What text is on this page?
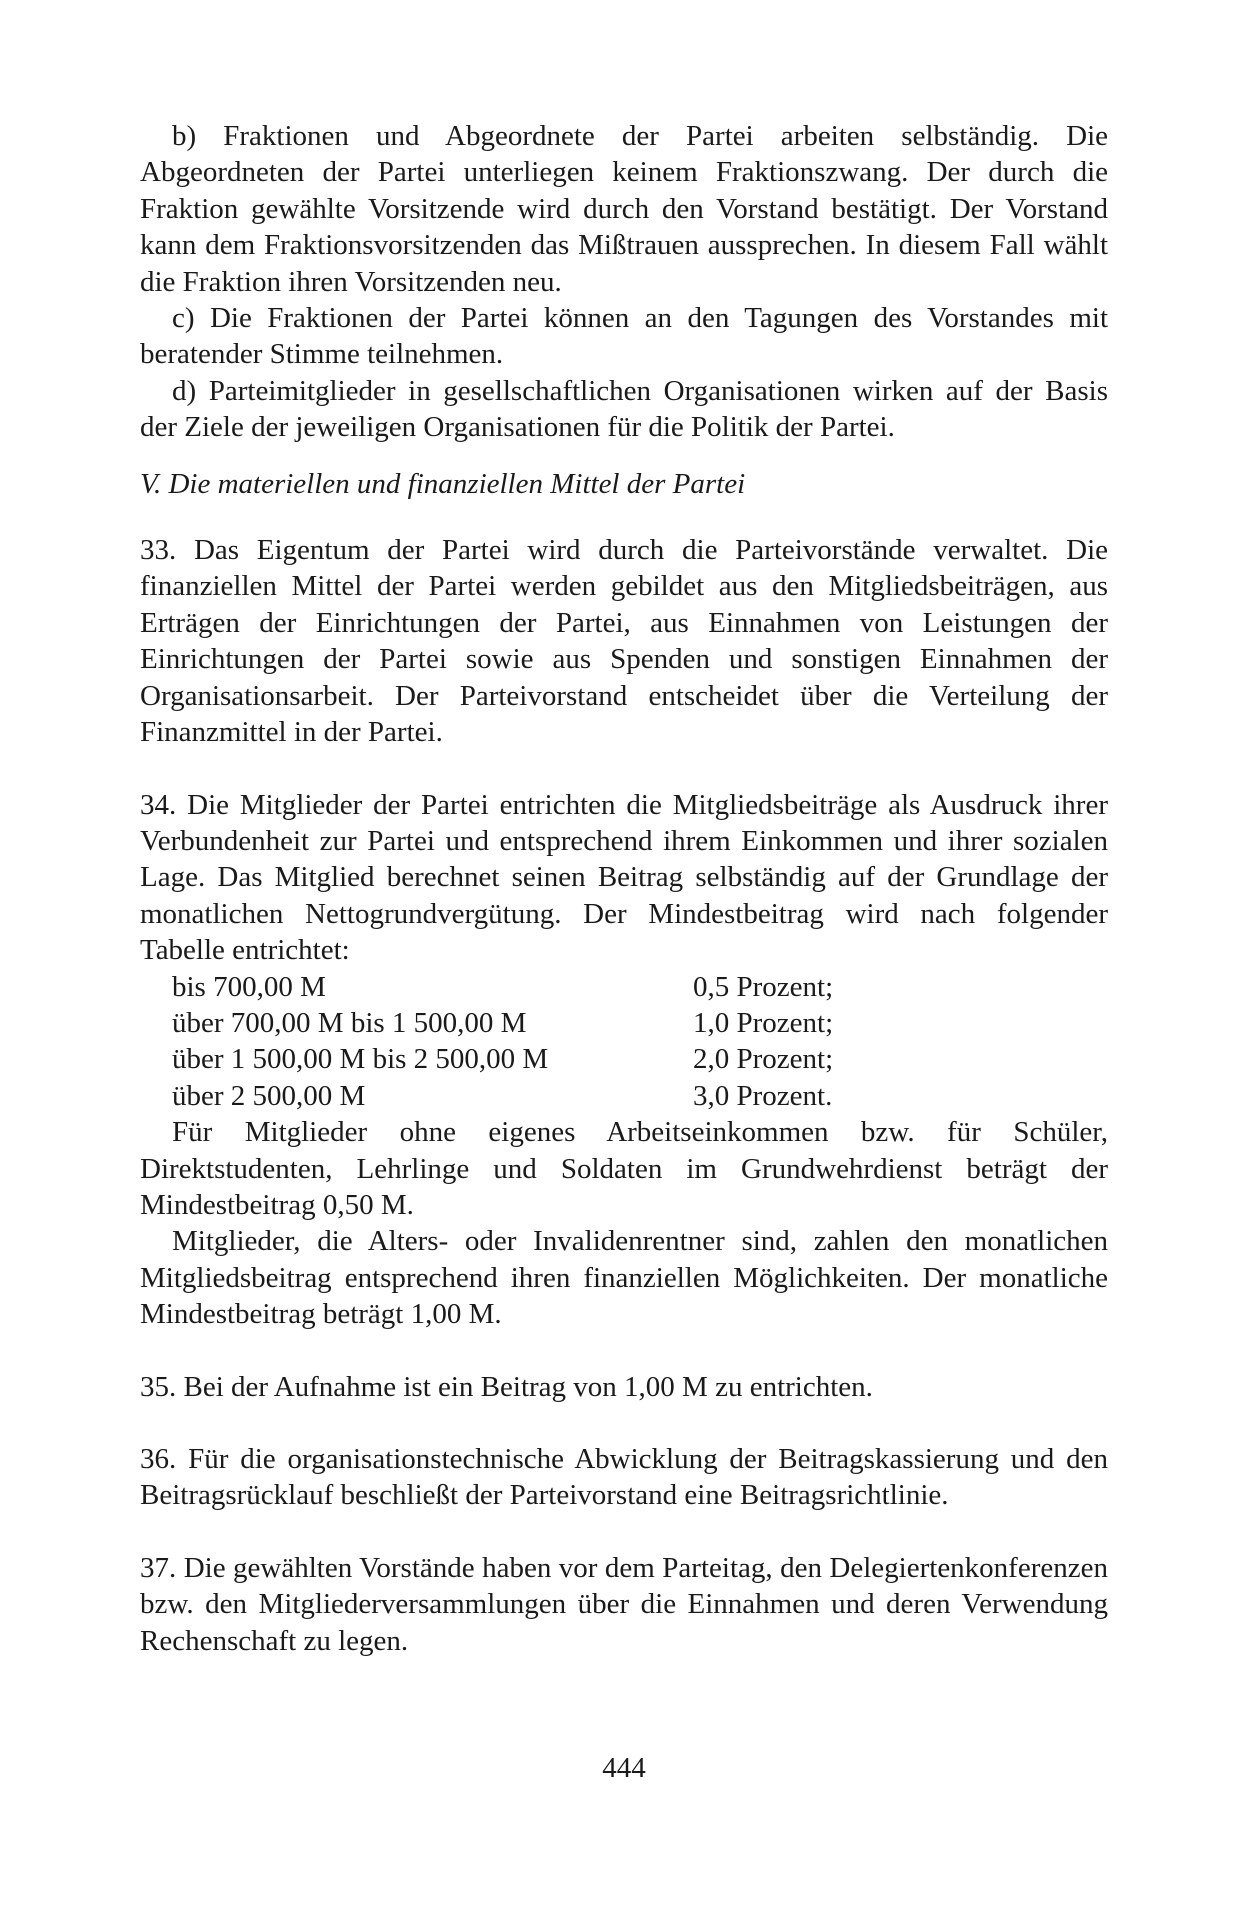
b) Fraktionen und Abgeordnete der Partei arbeiten selbständig. Die Abgeordneten der Partei unterliegen keinem Fraktionszwang. Der durch die Fraktion gewählte Vorsitzende wird durch den Vorstand bestätigt. Der Vorstand kann dem Fraktionsvorsitzenden das Mißtrauen aussprechen. In diesem Fall wählt die Fraktion ihren Vorsitzenden neu.

c) Die Fraktionen der Partei können an den Tagungen des Vorstandes mit beratender Stimme teilnehmen.

d) Parteimitglieder in gesellschaftlichen Organisationen wirken auf der Basis der Ziele der jeweiligen Organisationen für die Politik der Partei.

V. Die materiellen und finanziellen Mittel der Partei

33. Das Eigentum der Partei wird durch die Parteivorstände verwaltet. Die finanziellen Mittel der Partei werden gebildet aus den Mitgliedsbeiträgen, aus Erträgen der Einrichtungen der Partei, aus Einnahmen von Leistungen der Einrichtungen der Partei sowie aus Spenden und sonstigen Einnahmen der Organisationsarbeit. Der Parteivorstand entscheidet über die Verteilung der Finanzmittel in der Partei.

34. Die Mitglieder der Partei entrichten die Mitgliedsbeiträge als Ausdruck ihrer Verbundenheit zur Partei und entsprechend ihrem Einkommen und ihrer sozialen Lage. Das Mitglied berechnet seinen Beitrag selbständig auf der Grundlage der monatlichen Nettogrundvergütung. Der Mindestbeitrag wird nach folgender Tabelle entrichtet:

bis 700,00 M	0,5 Prozent;
über 700,00 M bis 1 500,00 M	1,0 Prozent;
über 1 500,00 M bis 2 500,00 M	2,0 Prozent;
über 2 500,00 M	3,0 Prozent.

Für Mitglieder ohne eigenes Arbeitseinkommen bzw. für Schüler, Direktstudenten, Lehrlinge und Soldaten im Grundwehrdienst beträgt der Mindestbeitrag 0,50 M.

Mitglieder, die Alters- oder Invalidenrentner sind, zahlen den monatlichen Mitgliedsbeitrag entsprechend ihren finanziellen Möglichkeiten. Der monatliche Mindestbeitrag beträgt 1,00 M.

35. Bei der Aufnahme ist ein Beitrag von 1,00 M zu entrichten.

36. Für die organisationstechnische Abwicklung der Beitragskassierung und den Beitragsrücklauf beschließt der Parteivorstand eine Beitragsrichtlinie.

37. Die gewählten Vorstände haben vor dem Parteitag, den Delegiertenkonferenzen bzw. den Mitgliederversammlungen über die Einnahmen und deren Verwendung Rechenschaft zu legen.

444
